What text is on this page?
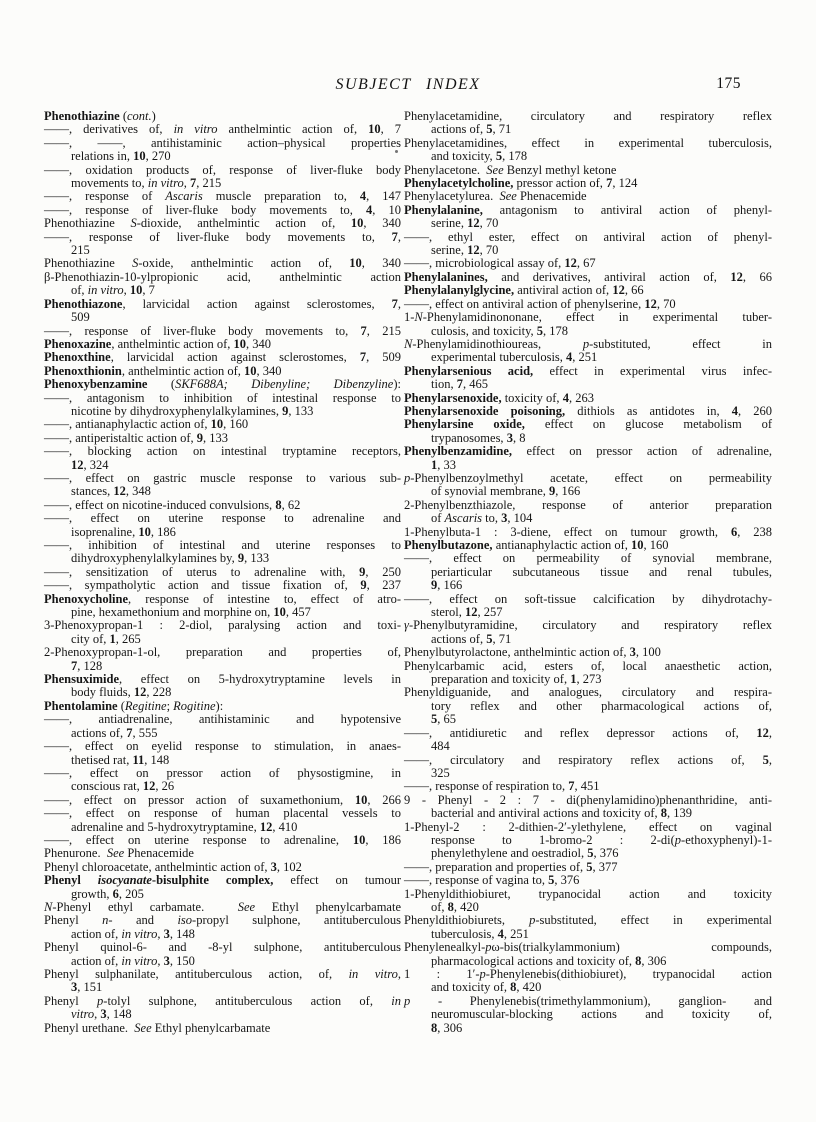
SUBJECT INDEX	175
Phenothiazine (cont.)
——, derivatives of, in vitro anthelmintic action of, 10, 7
——, ——, antihistaminic action–physical properties
relations in, 10, 270
——, oxidation products of, response of liver-fluke body
movements to, in vitro, 7, 215
——, response of Ascaris muscle preparation to, 4, 147
——, response of liver-fluke body movements to, 4, 10
Phenothiazine S-dioxide, anthelmintic action of, 10, 340
——, response of liver-fluke body movements to, 7,
215
Phenothiazine S-oxide, anthelmintic action of, 10, 340
β-Phenothiazin-10-ylpropionic acid, anthelmintic action
of, in vitro, 10, 7
Phenothiazone, larvicidal action against sclerostomes, 7,
509
——, response of liver-fluke body movements to, 7, 215
Phenoxazine, anthelmintic action of, 10, 340
Phenoxthine, larvicidal action against sclerostomes, 7, 509
Phenoxthionin, anthelmintic action of, 10, 340
Phenoxybenzamine (SKF688A; Dibenyline; Dibenzyline):
——, antagonism to inhibition of intestinal response to
nicotine by dihydroxyphenylalkylamines, 9, 133
——, antianaphylactic action of, 10, 160
——, antiperistaltic action of, 9, 133
——, blocking action on intestinal tryptamine receptors,
12, 324
——, effect on gastric muscle response to various sub-
stances, 12, 348
——, effect on nicotine-induced convulsions, 8, 62
——, effect on uterine response to adrenaline and
isoprenaline, 10, 186
——, inhibition of intestinal and uterine responses to
dihydroxyphenylalkylamines by, 9, 133
——, sensitization of uterus to adrenaline with, 9, 250
——, sympatholytic action and tissue fixation of, 9, 237
Phenoxycholine, response of intestine to, effect of atro-
pine, hexamethonium and morphine on, 10, 457
3-Phenoxypropan-1 : 2-diol, paralysing action and toxi-
city of, 1, 265
2-Phenoxypropan-1-ol, preparation and properties of,
7, 128
Phensuximide, effect on 5-hydroxytryptamine levels in
body fluids, 12, 228
Phentolamine (Regitine; Rogitine):
——, antiadrenaline, antihistaminic and hypotensive
actions of, 7, 555
——, effect on eyelid response to stimulation, in anaes-
thetised rat, 11, 148
——, effect on pressor action of physostigmine, in
conscious rat, 12, 26
——, effect on pressor action of suxamethonium, 10, 266
——, effect on response of human placental vessels to
adrenaline and 5-hydroxytryptamine, 12, 410
——, effect on uterine response to adrenaline, 10, 186
Phenurone.  See Phenacemide
Phenyl chloroacetate, anthelmintic action of, 3, 102
Phenyl isocyanate-bisulphite complex, effect on tumour
growth, 6, 205
N-Phenyl ethyl carbamate.  See Ethyl phenylcarbamate
Phenyl n- and iso-propyl sulphone, antituberculous
action of, in vitro, 3, 148
Phenyl quinol-6- and -8-yl sulphone, antituberculous
action of, in vitro, 3, 150
Phenyl sulphanilate, antituberculous action, of, in vitro,
3, 151
Phenyl p-tolyl sulphone, antituberculous action of, in
vitro, 3, 148
Phenyl urethane.  See Ethyl phenylcarbamate
Phenylacetamidine, circulatory and respiratory reflex
actions of, 5, 71
Phenylacetamidines, effect in experimental tuberculosis,
and toxicity, 5, 178
Phenylacetone.  See Benzyl methyl ketone
Phenylacetylcholine, pressor action of, 7, 124
Phenylacetylurea.  See Phenacemide
Phenylalanine, antagonism to antiviral action of phenyl-
serine, 12, 70
——, ethyl ester, effect on antiviral action of phenyl-
serine, 12, 70
——, microbiological assay of, 12, 67
Phenylalanines, and derivatives, antiviral action of, 12, 66
Phenylalanylglycine, antiviral action of, 12, 66
——, effect on antiviral action of phenylserine, 12, 70
1-N-Phenylamidinononane, effect in experimental tuber-
culosis, and toxicity, 5, 178
N-Phenylamidinothioureas, p-substituted, effect in
experimental tuberculosis, 4, 251
Phenylarsenious acid, effect in experimental virus infec-
tion, 7, 465
Phenylarsenoxide, toxicity of, 4, 263
Phenylarsenoxide poisoning, dithiols as antidotes in, 4, 260
Phenylarsine oxide, effect on glucose metabolism of
trypanosomes, 3, 8
Phenylbenzamidine, effect on pressor action of adrenaline,
1, 33
p-Phenylbenzoylmethyl acetate, effect on permeability
of synovial membrane, 9, 166
2-Phenylbenzthiazole, response of anterior preparation
of Ascaris to, 3, 104
1-Phenylbuta-1 : 3-diene, effect on tumour growth, 6, 238
Phenylbutazone, antianaphylactic action of, 10, 160
——, effect on permeability of synovial membrane,
periarticular subcutaneous tissue and renal tubules,
9, 166
——, effect on soft-tissue calcification by dihydrotachy-
sterol, 12, 257
γ-Phenylbutyramidine, circulatory and respiratory reflex
actions of, 5, 71
Phenylbutyrolactone, anthelmintic action of, 3, 100
Phenylcarbamic acid, esters of, local anaesthetic action,
preparation and toxicity of, 1, 273
Phenyldiguanide, and analogues, circulatory and respira-
tory reflex and other pharmacological actions of,
5, 65
——, antidiuretic and reflex depressor actions of, 12,
484
——, circulatory and respiratory reflex actions of, 5,
325
——, response of respiration to, 7, 451
9 - Phenyl - 2 : 7 - di(phenylamidino)phenanthridine, anti-
bacterial and antiviral actions and toxicity of, 8, 139
1-Phenyl-2 : 2-dithien-2′-ylethylene, effect on vaginal
response to 1-bromo-2 : 2-di(p-ethoxyphenyl)-1-
phenylethylene and oestradiol, 5, 376
——, preparation and properties of, 5, 377
——, response of vagina to, 5, 376
1-Phenyldithiobiuret, trypanocidal action and toxicity
of, 8, 420
Phenyldithiobiurets, p-substituted, effect in experimental
tuberculosis, 4, 251
Phenylenealkyl-pω-bis(trialkylammonium) compounds,
pharmacological actions and toxicity of, 8, 306
1 : 1′-p-Phenylenebis(dithiobiuret), trypanocidal action
and toxicity of, 8, 420
p - Phenylenebis(trimethylammonium), ganglion- and
neuromuscular-blocking actions and toxicity of,
8, 306
